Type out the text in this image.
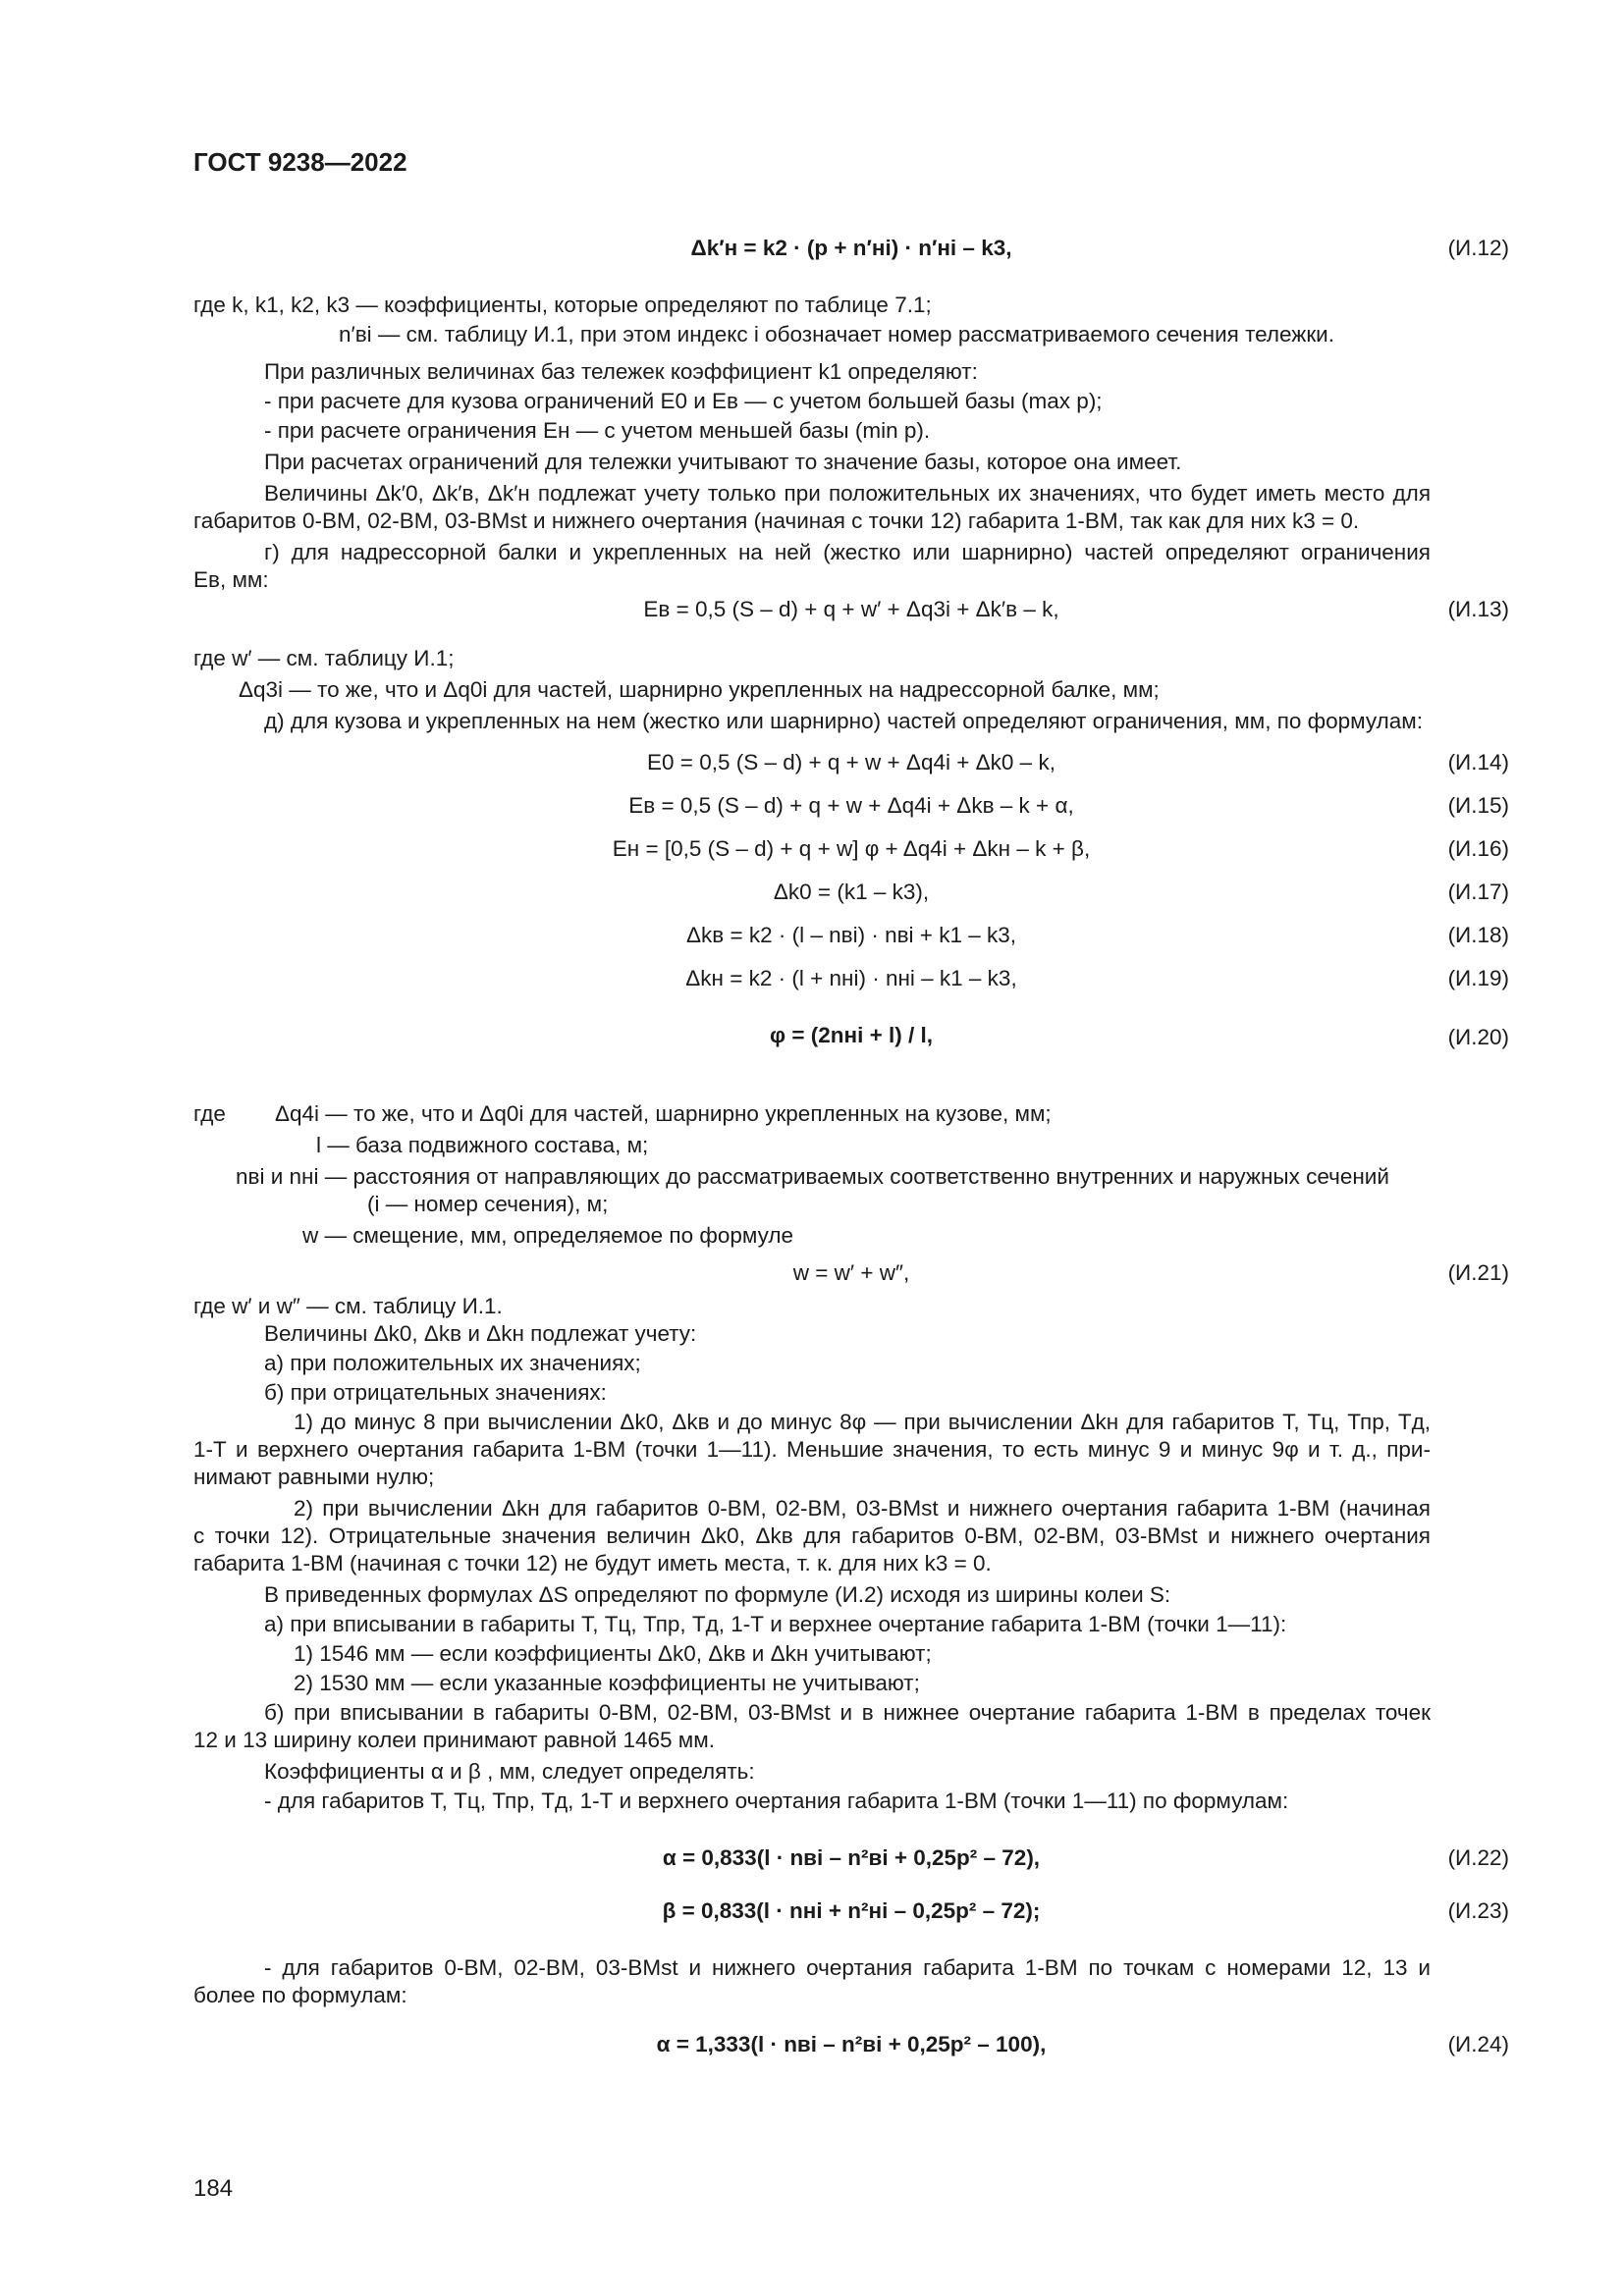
ГОСТ 9238—2022
Δk′н = k2 · (p + n′нi) · n′нi – k3,	(И.12)
где k, k1, k2, k3 — коэффициенты, которые определяют по таблице 7.1;
n′вi — см. таблицу И.1, при этом индекс i обозначает номер рассматриваемого сечения тележки.
При различных величинах баз тележек коэффициент k1 определяют:
- при расчете для кузова ограничений E0 и Eв — с учетом большей базы (max p);
- при расчете ограничения Eн — с учетом меньшей базы (min p).
При расчетах ограничений для тележки учитывают то значение базы, которое она имеет.
Величины Δk′0, Δk′в, Δk′н подлежат учету только при положительных их значениях, что будет иметь место для
габаритов 0-ВМ, 02-ВМ, 03-ВМst и нижнего очертания (начиная с точки 12) габарита 1-ВМ, так как для них k3 = 0.
г) для надрессорной балки и укрепленных на ней (жестко или шарнирно) частей определяют ограничения
Eв, мм:
Eв = 0,5 (S – d) + q + w′ + Δq3i + Δk′в – k,	(И.13)
где w′ — см. таблицу И.1;
Δq3i — то же, что и Δq0i для частей, шарнирно укрепленных на надрессорной балке, мм;
д) для кузова и укрепленных на нем (жестко или шарнирно) частей определяют ограничения, мм, по формулам:
E0 = 0,5 (S – d) + q + w + Δq4i + Δk0 – k,	(И.14)
Eв = 0,5 (S – d) + q + w + Δq4i + Δkв – k + α,	(И.15)
Eн = [0,5 (S – d) + q + w] φ + Δq4i + Δkн – k + β,	(И.16)
Δk0 = (k1 – k3),	(И.17)
Δkв = k2 · (l – nвi) · nвi + k1 – k3,	(И.18)
Δkн = k2 · (l + nнi) · nнi – k1 – k3,	(И.19)
φ = (2nнi + l) / l,	(И.20)
где	Δq4i — то же, что и Δq0i для частей, шарнирно укрепленных на кузове, мм;
l — база подвижного состава, м;
nвi и nнi — расстояния от направляющих до рассматриваемых соответственно внутренних и наружных сечений
(i — номер сечения), м;
w — смещение, мм, определяемое по формуле
w = w′ + w″,	(И.21)
где w′ и w″ — см. таблицу И.1.
Величины Δk0, Δkв и Δkн подлежат учету:
а) при положительных их значениях;
б) при отрицательных значениях:
1) до минус 8 при вычислении Δk0, Δkв и до минус 8φ — при вычислении Δkн для габаритов Т, Тц, Тпр, Тд,
1-Т и верхнего очертания габарита 1-ВМ (точки 1—11). Меньшие значения, то есть минус 9 и минус 9φ и т. д., при-
нимают равными нулю;
2) при вычислении Δkн для габаритов 0-ВМ, 02-ВМ, 03-ВМst и нижнего очертания габарита 1-ВМ (начиная
с точки 12). Отрицательные значения величин Δk0, Δkв для габаритов 0-ВМ, 02-ВМ, 03-ВМst и нижнего очертания
габарита 1-ВМ (начиная с точки 12) не будут иметь места, т. к. для них k3 = 0.
В приведенных формулах ΔS определяют по формуле (И.2) исходя из ширины колеи S:
а) при вписывании в габариты Т, Тц, Тпр, Тд, 1-Т и верхнее очертание габарита 1-ВМ (точки 1—11):
1) 1546 мм — если коэффициенты Δk0, Δkв и Δkн учитывают;
2) 1530 мм — если указанные коэффициенты не учитывают;
б) при вписывании в габариты 0-ВМ, 02-ВМ, 03-ВМst и в нижнее очертание габарита 1-ВМ в пределах точек
12 и 13 ширину колеи принимают равной 1465 мм.
Коэффициенты α и β , мм, следует определять:
- для габаритов Т, Тц, Тпр, Тд, 1-Т и верхнего очертания габарита 1-ВМ (точки 1—11) по формулам:
α = 0,833(l · nвi – n²вi + 0,25p² – 72),	(И.22)
β = 0,833(l · nнi + n²нi – 0,25p² – 72);	(И.23)
- для габаритов 0-ВМ, 02-ВМ, 03-ВМst и нижнего очертания габарита 1-ВМ по точкам с номерами 12, 13 и
более по формулам:
α = 1,333(l · nвi – n²вi + 0,25p² – 100),	(И.24)
184
